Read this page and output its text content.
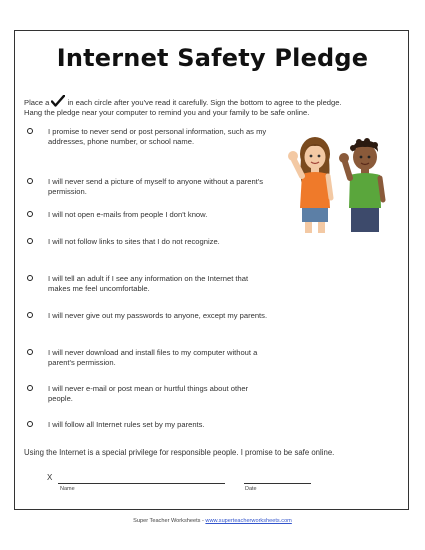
Internet Safety Pledge
Place a in each circle after you've read it carefully. Sign the bottom to agree to the pledge.
Hang the pledge near your computer to remind you and your family to be safe online.
I promise to never send or post personal information, such as my addresses, phone number, or school name.
I will never send a picture of myself to anyone without a parent's permission.
I will not open e-mails from people I don't know.
I will not follow links to sites that I do not recognize.
I will tell an adult if I see any information on the Internet that makes me feel uncomfortable.
I will never give out my passwords to anyone, except my parents.
I will never download and install files to my computer without a parent's permission.
I will never e-mail or post mean or hurtful things about other people.
I will follow all Internet rules set by my parents.
Using the Internet is a special privilege for responsible people. I promise to be safe online.
X
Name	Date
Super Teacher Worksheets - www.superteacherworksheets.com
